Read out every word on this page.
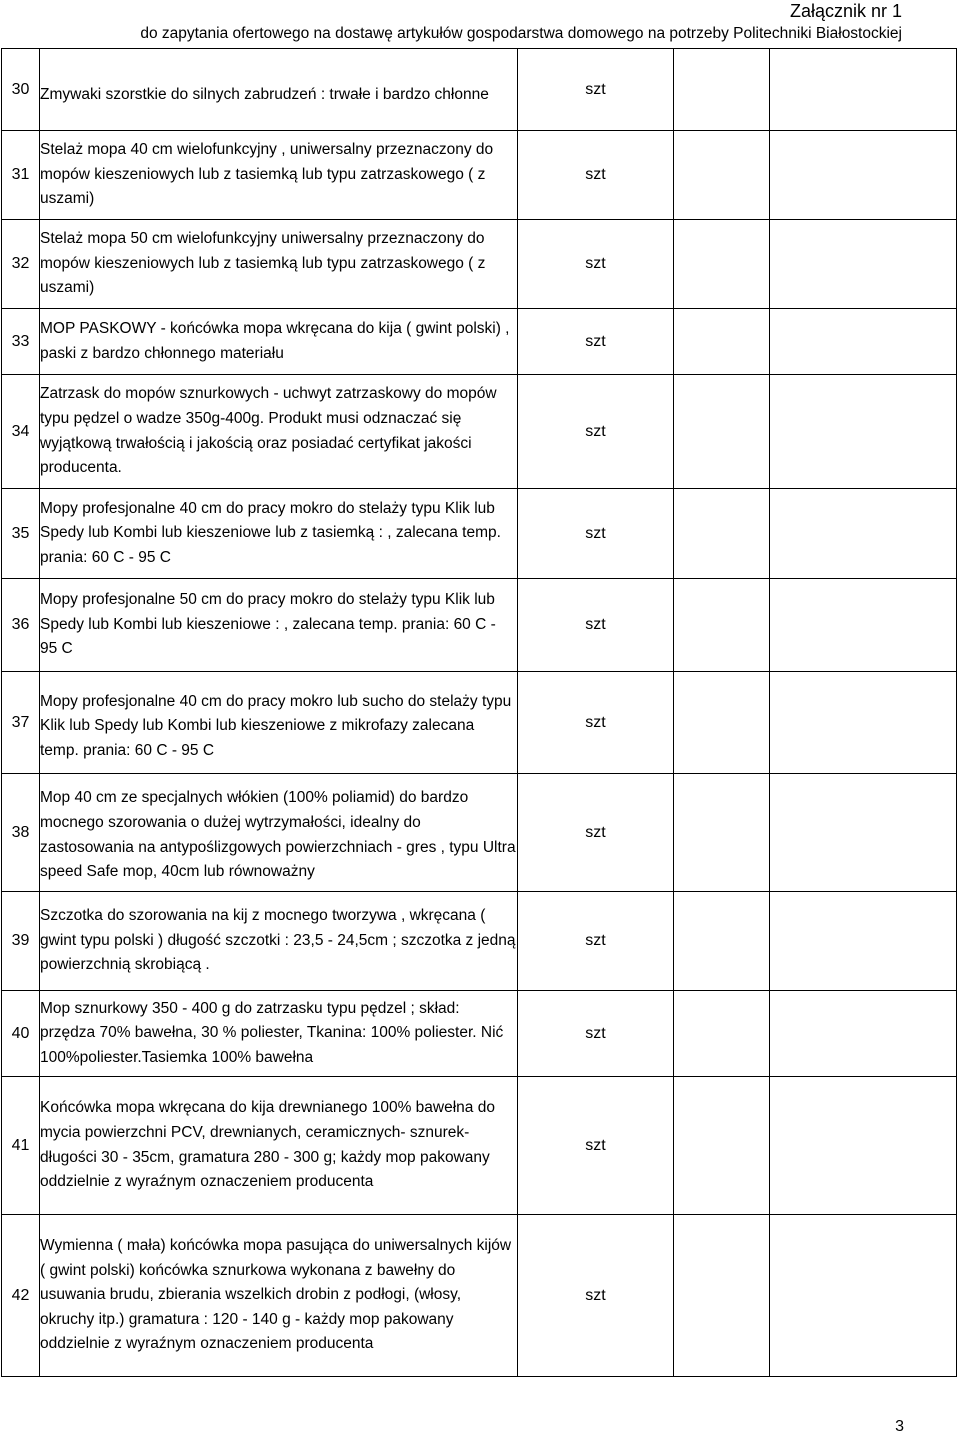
Załącznik nr 1
do zapytania ofertowego na dostawę artykułów gospodarstwa domowego na potrzeby Politechniki Białostockiej
30	Zmywaki szorstkie do silnych zabrudzeń : trwałe i bardzo chłonne	szt		
31	Stelaż mopa 40 cm wielofunkcyjny , uniwersalny przeznaczony do mopów kieszeniowych lub z tasiemką lub typu zatrzaskowego ( z uszami)	szt		
32	Stelaż mopa 50 cm wielofunkcyjny uniwersalny przeznaczony do mopów kieszeniowych lub z tasiemką lub typu zatrzaskowego ( z uszami)	szt		
33	MOP PASKOWY - końcówka mopa wkręcana do kija ( gwint polski) , paski z bardzo chłonnego materiału	szt		
34	Zatrzask do mopów sznurkowych - uchwyt zatrzaskowy do mopów typu pędzel o wadze 350g-400g. Produkt musi odznaczać się wyjątkową trwałością i jakością oraz posiadać certyfikat jakości producenta.	szt		
35	Mopy profesjonalne 40 cm do pracy mokro do stelaży typu Klik lub Spedy lub Kombi lub kieszeniowe lub z tasiemką : , zalecana temp. prania: 60 C - 95 C	szt		
36	Mopy profesjonalne 50 cm do pracy mokro do stelaży typu Klik lub Spedy lub Kombi lub kieszeniowe : , zalecana temp. prania: 60 C - 95 C	szt		
37	Mopy profesjonalne 40 cm do pracy mokro lub sucho do stelaży typu Klik lub Spedy lub Kombi lub kieszeniowe z mikrofazy zalecana temp. prania: 60 C - 95 C	szt		
38	Mop 40 cm ze specjalnych włókien (100% poliamid) do bardzo mocnego szorowania o dużej wytrzymałości, idealny do zastosowania na antypoślizgowych powierzchniach - gres , typu Ultra speed Safe mop, 40cm lub równoważny	szt		
39	Szczotka do szorowania na kij z mocnego tworzywa , wkręcana ( gwint typu polski ) długość szczotki : 23,5 - 24,5cm ; szczotka z jedną powierzchnią skrobiącą .	szt		
40	Mop sznurkowy 350 - 400 g do zatrzasku typu pędzel ; skład: przędza 70% bawełna, 30 % poliester, Tkanina: 100% poliester. Nić 100%poliester.Tasiemka 100% bawełna	szt		
41	Końcówka mopa wkręcana do kija drewnianego 100% bawełna do mycia powierzchni PCV, drewnianych, ceramicznych- sznurek- długości 30 - 35cm, gramatura 280 - 300 g; każdy mop pakowany oddzielnie z wyraźnym oznaczeniem producenta	szt		
42	Wymienna ( mała) końcówka mopa pasująca do uniwersalnych kijów ( gwint polski) końcówka sznurkowa wykonana z bawełny do usuwania brudu, zbierania wszelkich drobin z podłogi, (włosy, okruchy itp.) gramatura : 120 - 140 g - każdy mop pakowany oddzielnie z wyraźnym oznaczeniem producenta	szt		
3
